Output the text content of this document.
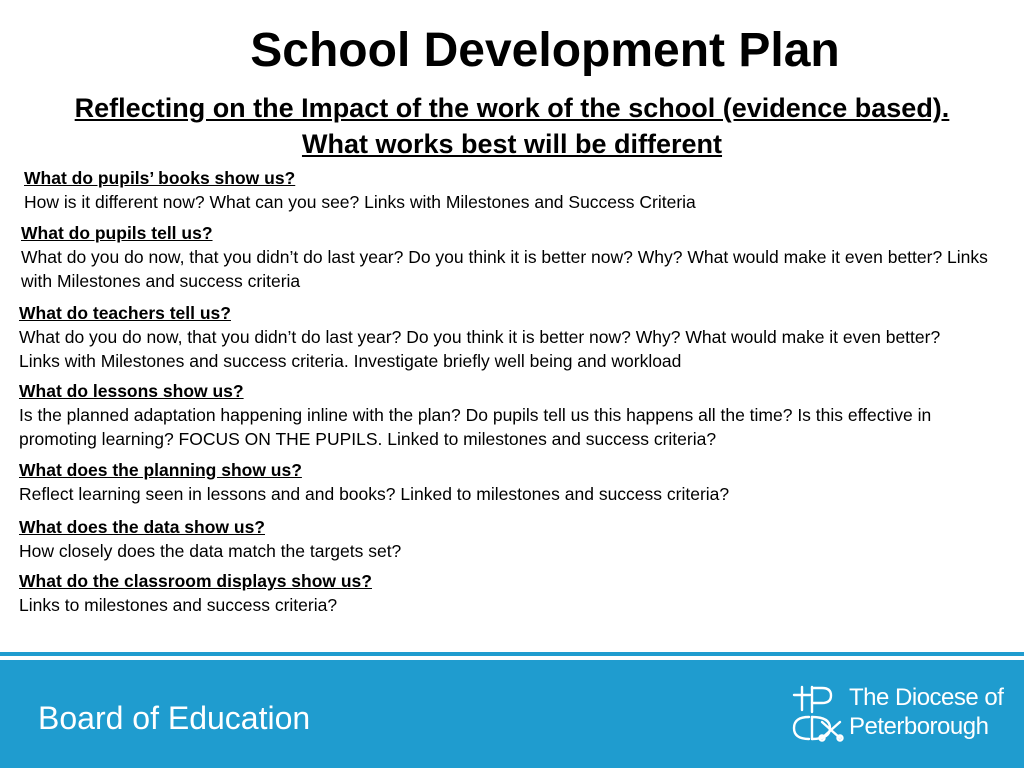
School Development Plan
Reflecting on the Impact of the work of the school (evidence based).
What works best will be different
What do pupils’ books show us?
How is it different now? What can you see? Links with Milestones and Success Criteria
What do pupils tell us?
What do you do now, that you didn’t do last year? Do you think it is better now? Why? What would make it even better? Links with Milestones and success criteria
What do teachers tell us?
What do you do now, that you didn’t do last year? Do you think it is better now? Why? What would make it even better? Links with Milestones and success criteria. Investigate briefly well being and workload
What do lessons show us?
Is the planned adaptation happening inline with the plan? Do pupils tell us this happens all the time? Is this effective in promoting learning? FOCUS ON THE PUPILS. Linked to milestones and success criteria?
What does the planning show us?
Reflect learning seen in lessons and and books? Linked to milestones and success criteria?
What does the data show us?
How closely does the data match the targets set?
What do the classroom displays show us?
Links to milestones and success criteria?
Board of Education
The Diocese of
Peterborough
